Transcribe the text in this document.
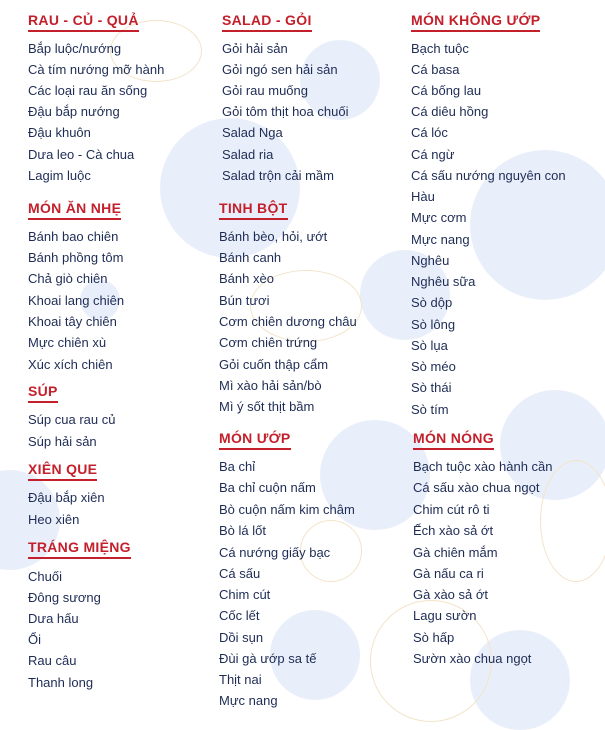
RAU - CỦ - QUẢ
Bắp luộc/nướng
Cà tím nướng mỡ hành
Các loại rau ăn sống
Đậu bắp nướng
Đậu khuôn
Dưa leo - Cà chua
Lagim luộc
MÓN ĂN NHẸ
Bánh bao chiên
Bánh phồng tôm
Chả giò chiên
Khoai lang chiên
Khoai tây chiên
Mực chiên xù
Xúc xích chiên
SÚP
Súp cua rau củ
Súp hải sản
XIÊN QUE
Đậu bắp xiên
Heo xiên
TRÁNG MIỆNG
Chuối
Đông sương
Dưa hấu
Ổi
Rau câu
Thanh long
SALAD - GỎI
Gỏi hải sản
Gỏi ngó sen hải sản
Gỏi rau muống
Gỏi tôm thịt hoa chuối
Salad Nga
Salad ria
Salad trộn cải mầm
TINH BỘT
Bánh bèo, hỏi, ướt
Bánh canh
Bánh xèo
Bún tươi
Cơm chiên dương châu
Cơm chiên trứng
Gỏi cuốn thập cẩm
Mì xào hải sản/bò
Mì ý sốt thịt bầm
MÓN ƯỚP
Ba chỉ
Ba chỉ cuộn nấm
Bò cuộn nấm kim châm
Bò lá lốt
Cá nướng giấy bạc
Cá sấu
Chim cút
Cốc lết
Dồi sụn
Đùi gà ướp sa tế
Thịt nai
Mực nang
MÓN KHÔNG ƯỚP
Bạch tuộc
Cá basa
Cá bống lau
Cá diêu hồng
Cá lóc
Cá ngừ
Cá sấu nướng nguyên con
Hàu
Mực cơm
Mực nang
Nghêu
Nghêu sữa
Sò dộp
Sò lông
Sò lụa
Sò méo
Sò thái
Sò tím
MÓN NÓNG
Bạch tuộc xào hành cần
Cá sấu xào chua ngọt
Chim cút rô ti
Ếch xào sả ớt
Gà chiên mắm
Gà nấu ca ri
Gà xào sả ớt
Lagu sườn
Sò hấp
Sườn xào chua ngọt
